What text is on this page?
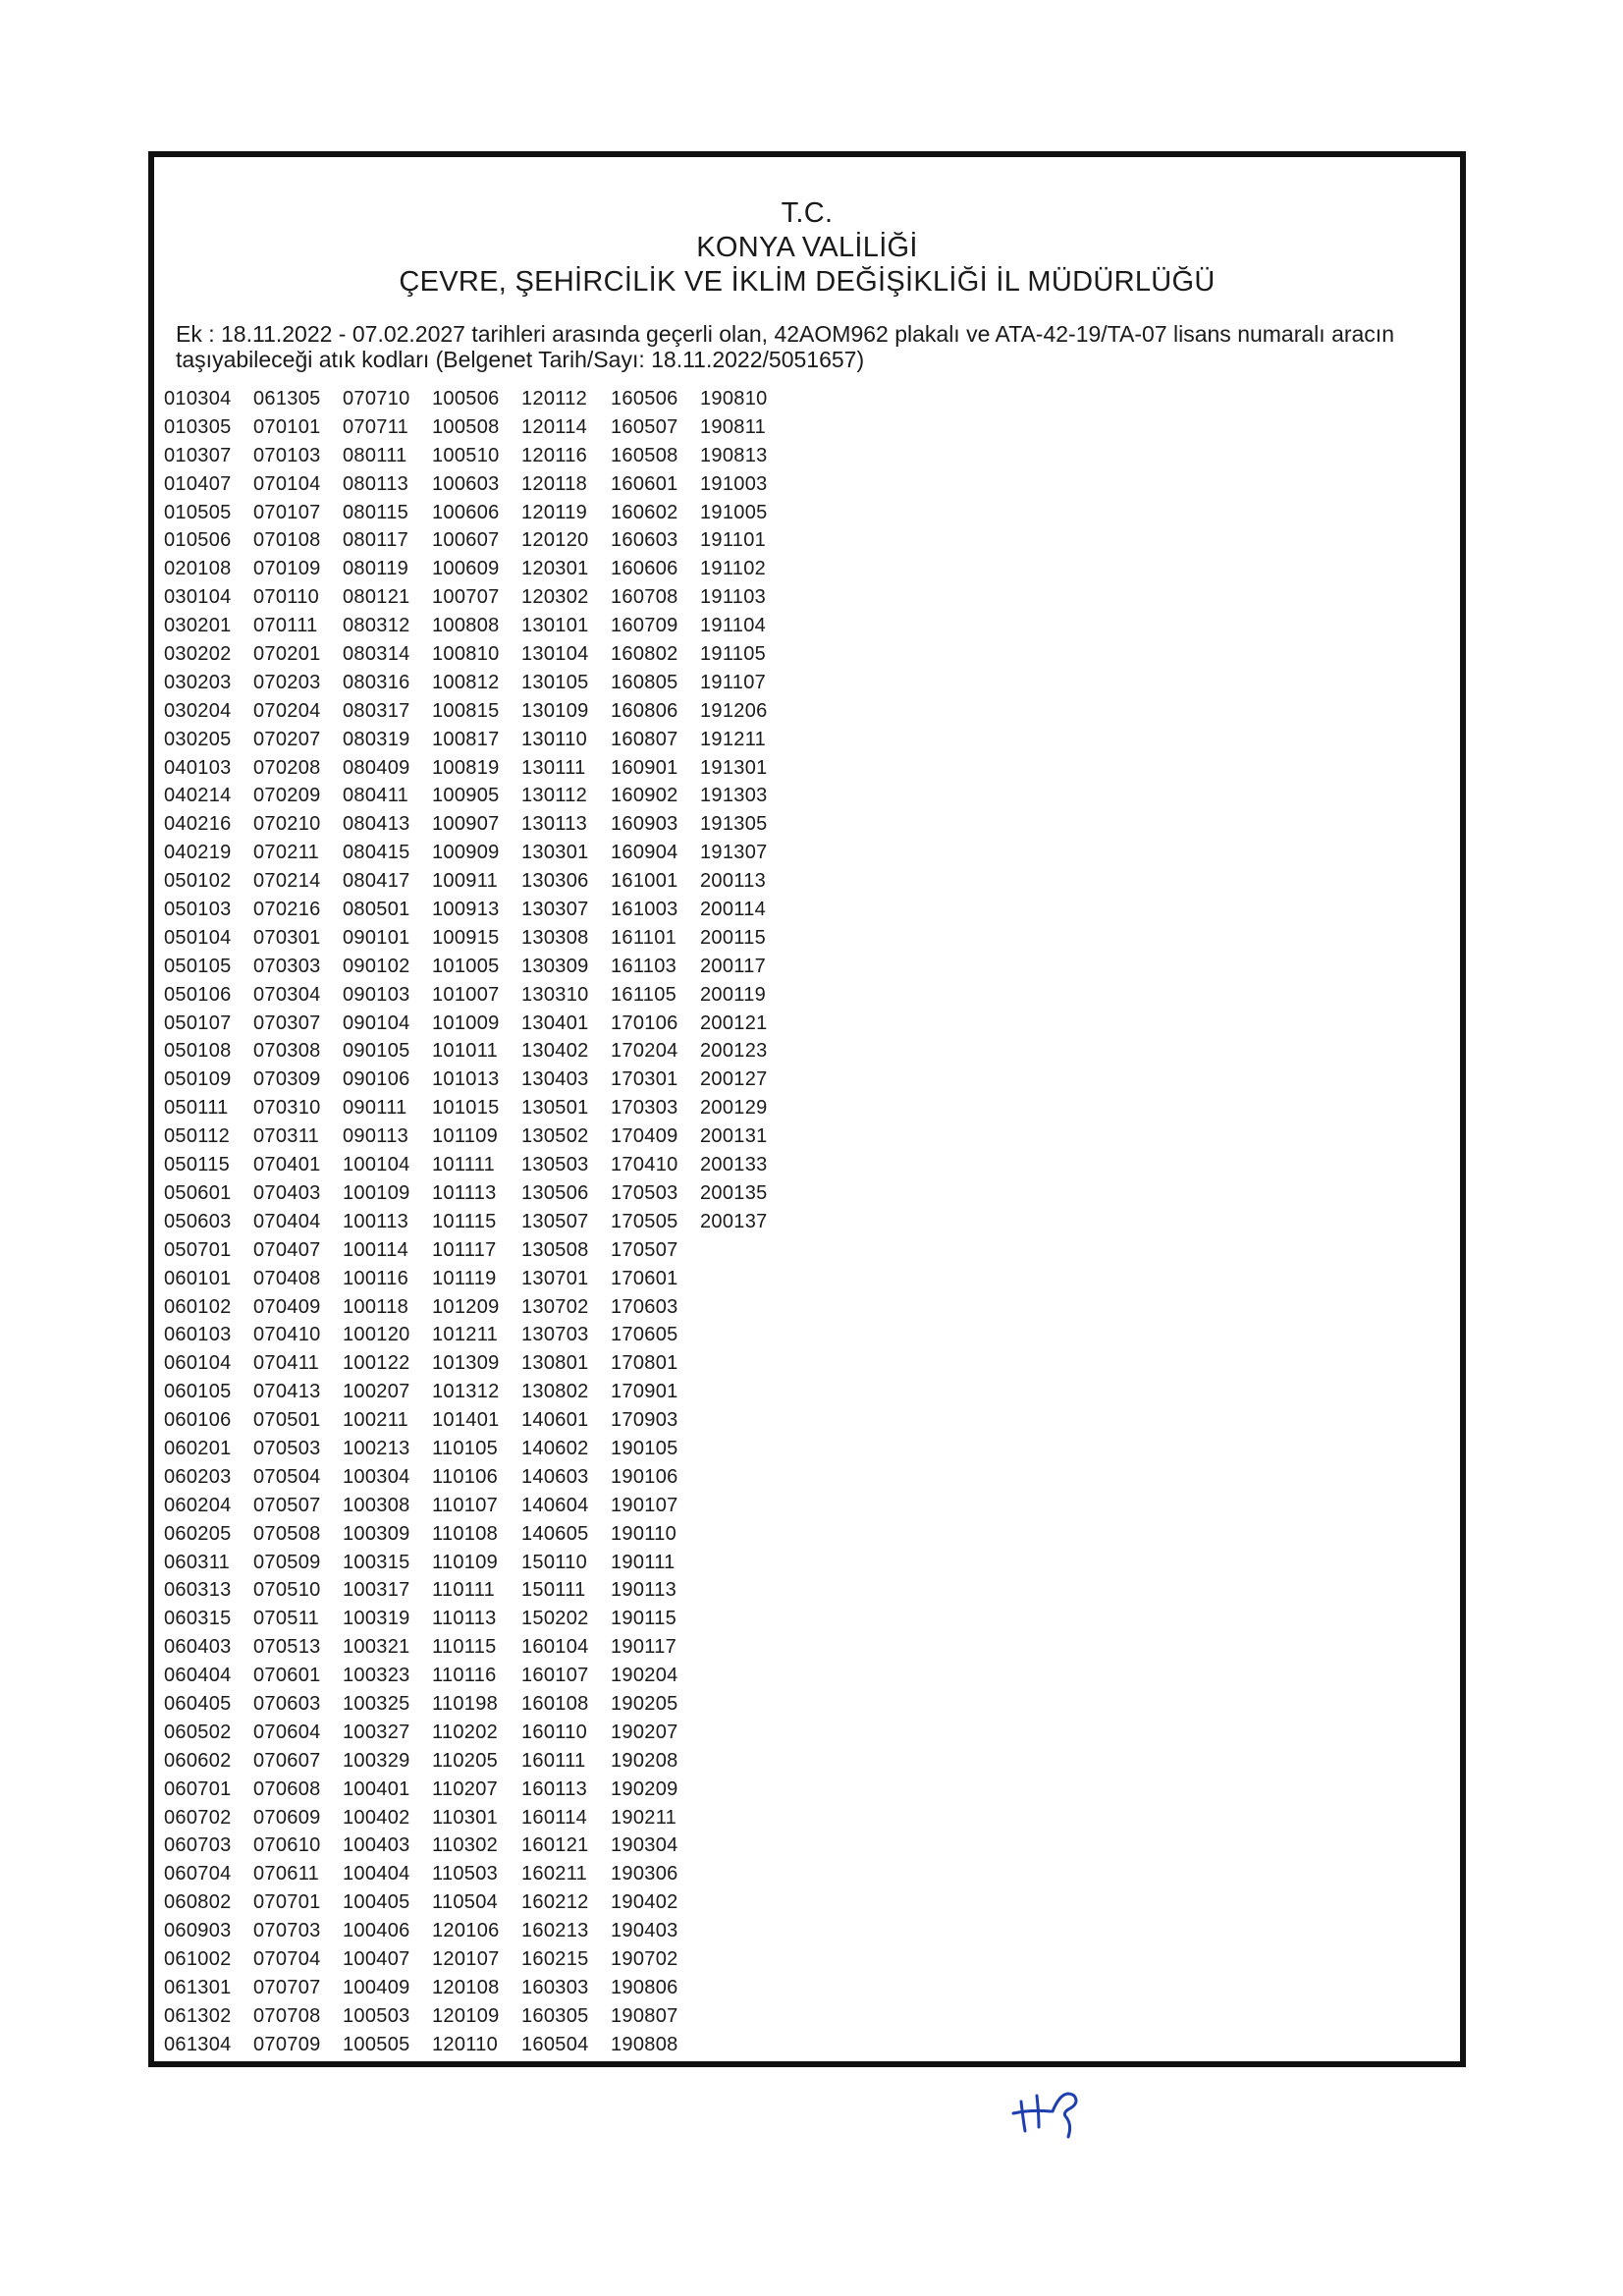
T.C.
KONYA VALİLİĞİ
ÇEVRE, ŞEHİRCİLİK VE İKLİM DEĞİŞİKLİĞİ İL MÜDÜRLÜĞÜ
Ek : 18.11.2022 - 07.02.2027 tarihleri arasında geçerli olan, 42AOM962 plakalı ve ATA-42-19/TA-07 lisans numaralı aracın taşıyabileceği atık kodları (Belgenet Tarih/Sayı: 18.11.2022/5051657)
010304
010305
010307
010407
010505
010506
020108
030104
030201
030202
030203
030204
030205
040103
040214
040216
040219
050102
050103
050104
050105
050106
050107
050108
050109
050111
050112
050115
050601
050603
050701
060101
060102
060103
060104
060105
060106
060201
060203
060204
060205
060311
060313
060315
060403
060404
060405
060502
060602
060701
060702
060703
060704
060802
060903
061002
061301
061302
061304
061305
070101
070103
070104
070107
070108
070109
070110
070111
070201
070203
070204
070207
070208
070209
070210
070211
070214
070216
070301
070303
070304
070307
070308
070309
070310
070311
070401
070403
070404
070407
070408
070409
070410
070411
070413
070501
070503
070504
070507
070508
070509
070510
070511
070513
070601
070603
070604
070607
070608
070609
070610
070611
070701
070703
070704
070707
070708
070709
070710
070711
080111
080113
080115
080117
080119
080121
080312
080314
080316
080317
080319
080409
080411
080413
080415
080417
080501
090101
090102
090103
090104
090105
090106
090111
090113
100104
100109
100113
100114
100116
100118
100120
100122
100207
100211
100213
100304
100308
100309
100315
100317
100319
100321
100323
100325
100327
100329
100401
100402
100403
100404
100405
100406
100407
100409
100503
100505
100506
100508
100510
100603
100606
100607
100609
100707
100808
100810
100812
100815
100817
100819
100905
100907
100909
100911
100913
100915
101005
101007
101009
101011
101013
101015
101109
101111
101113
101115
101117
101119
101209
101211
101309
101312
101401
110105
110106
110107
110108
110109
110111
110113
110115
110116
110198
110202
110205
110207
110301
110302
110503
110504
120106
120107
120108
120109
120110
120112
120114
120116
120118
120119
120120
120301
120302
130101
130104
130105
130109
130110
130111
130112
130113
130301
130306
130307
130308
130309
130310
130401
130402
130403
130501
130502
130503
130506
130507
130508
130701
130702
130703
130801
130802
140601
140602
140603
140604
140605
150110
150111
150202
160104
160107
160108
160110
160111
160113
160114
160121
160211
160212
160213
160215
160303
160305
160504
160506
160507
160508
160601
160602
160603
160606
160708
160709
160802
160805
160806
160807
160901
160902
160903
160904
161001
161003
161101
161103
161105
170106
170204
170301
170303
170409
170410
170503
170505
170507
170601
170603
170605
170801
170901
170903
190105
190106
190107
190110
190111
190113
190115
190117
190204
190205
190207
190208
190209
190211
190304
190306
190402
190403
190702
190806
190807
190808
190810
190811
190813
191003
191005
191101
191102
191103
191104
191105
191107
191206
191211
191301
191303
191305
191307
200113
200114
200115
200117
200119
200121
200123
200127
200129
200131
200133
200135
200137
